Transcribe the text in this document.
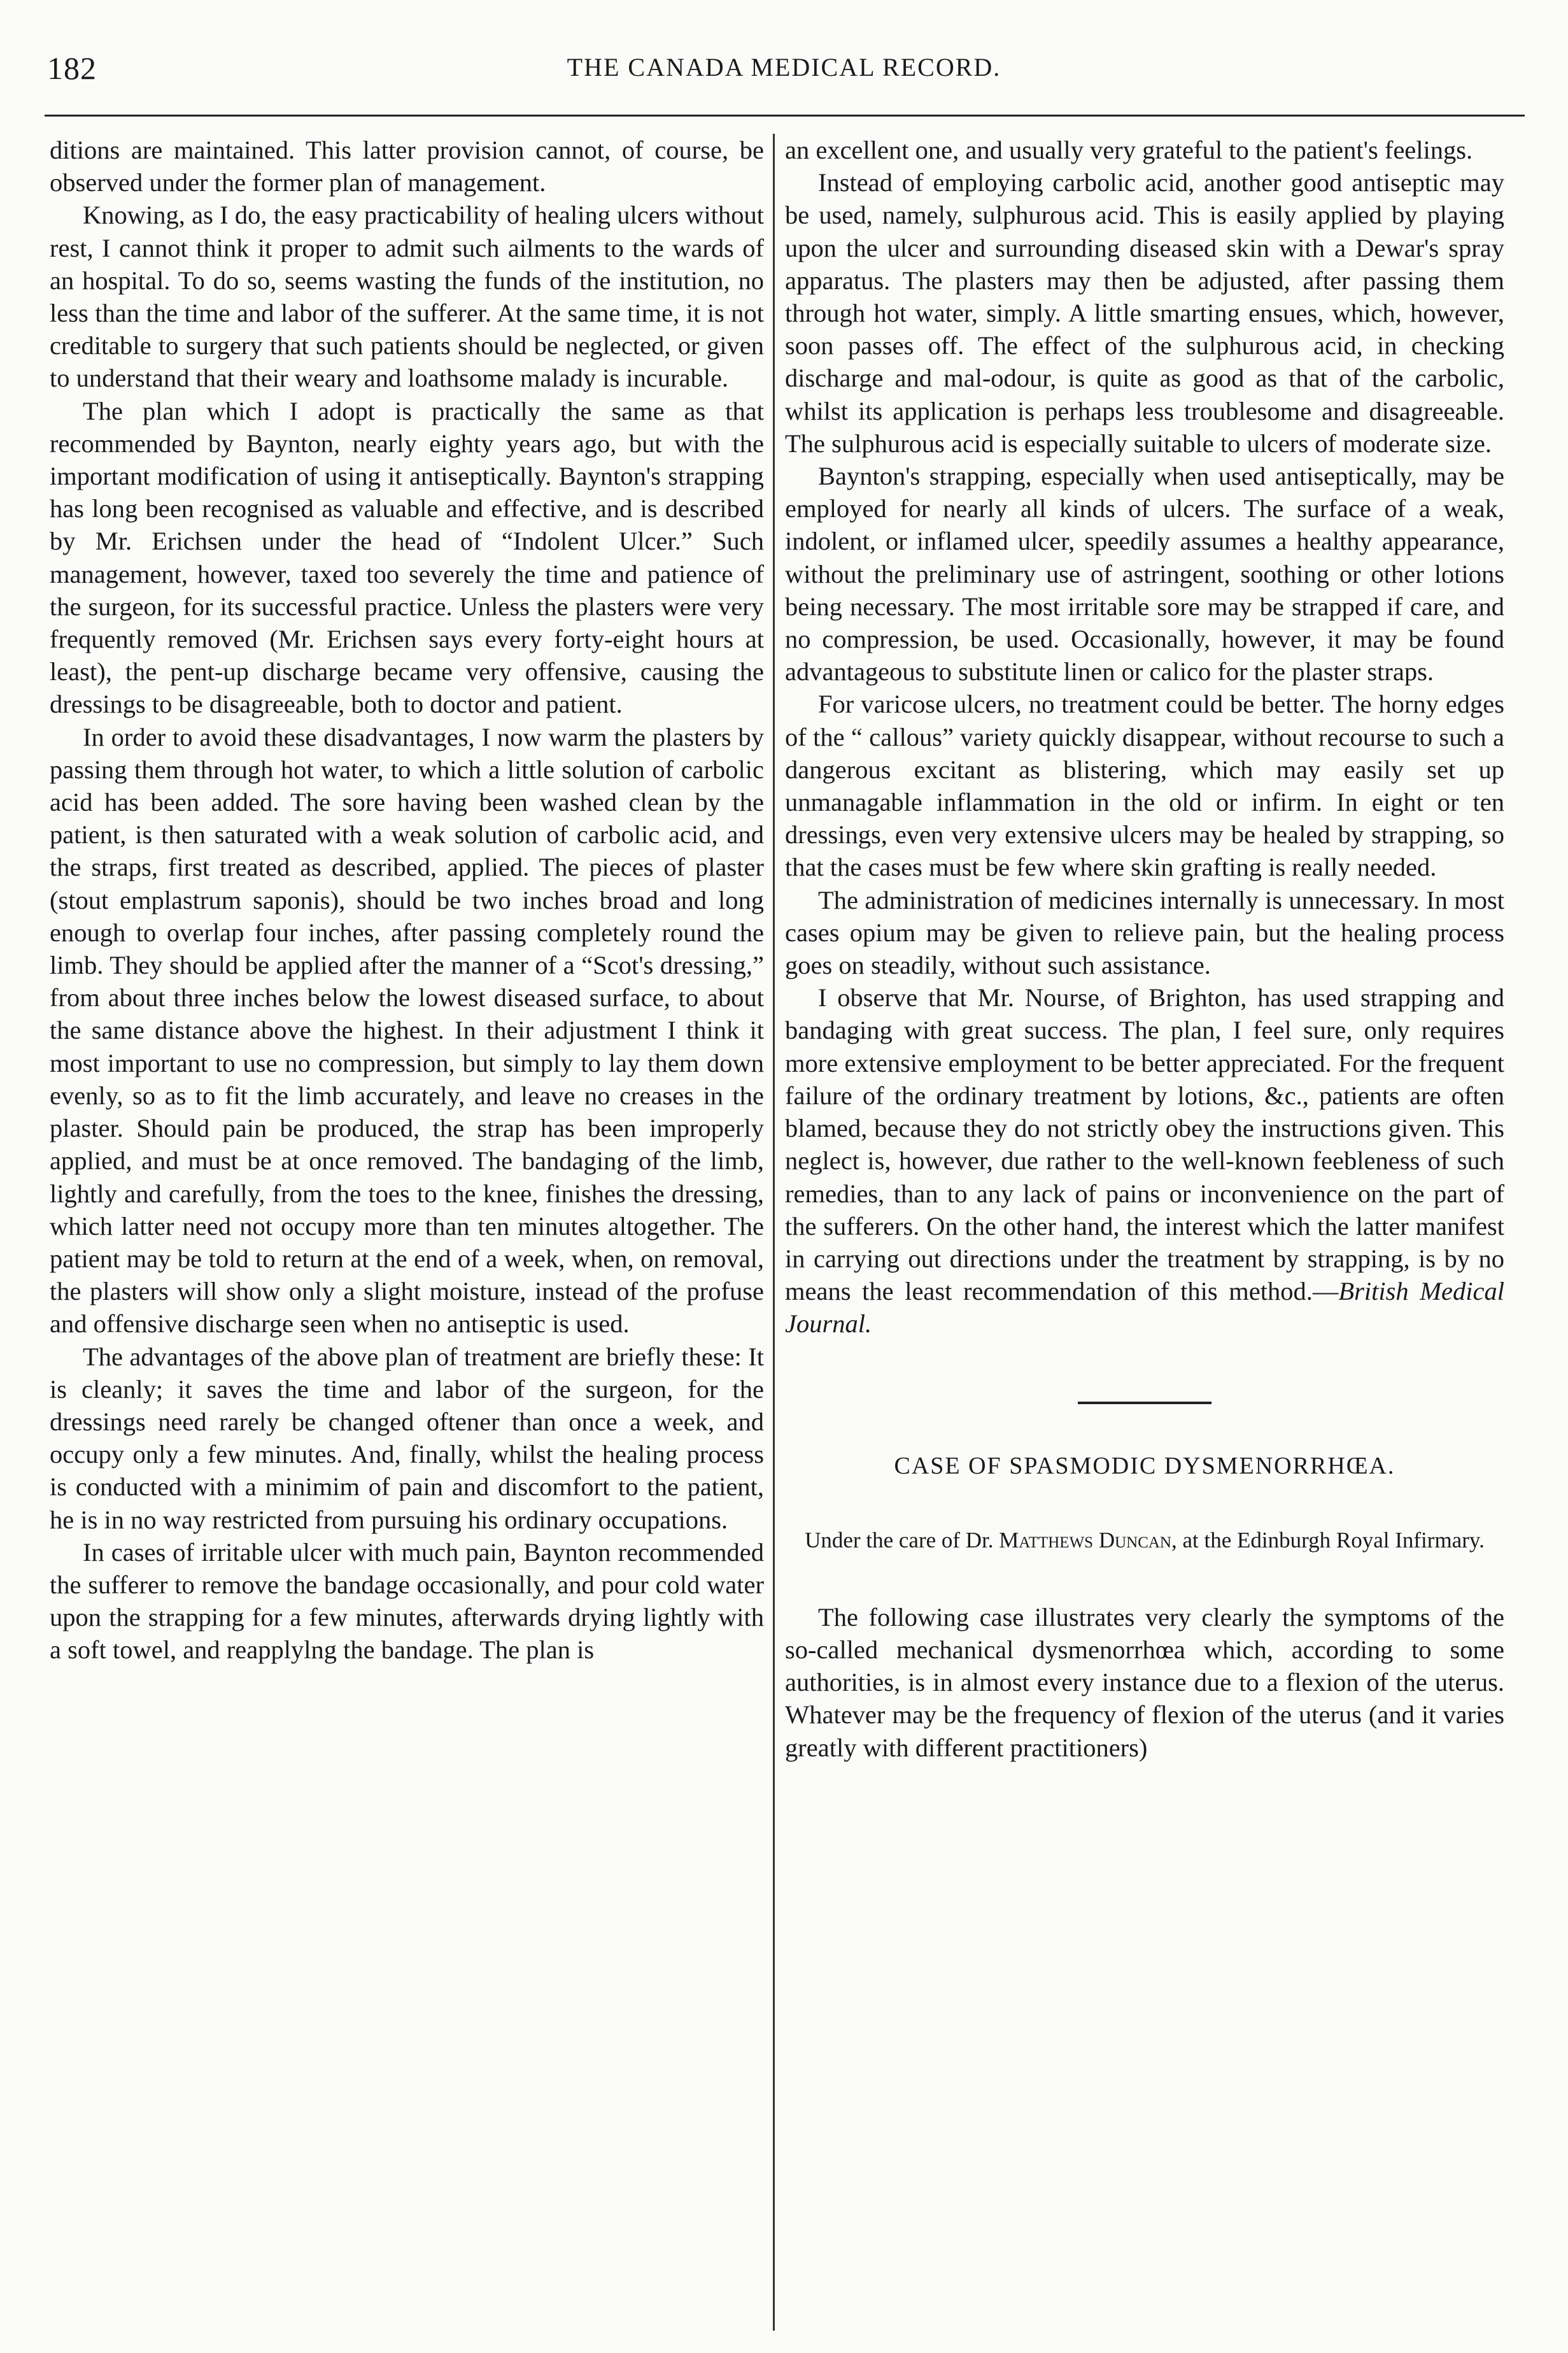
182	THE CANADA MEDICAL RECORD.

ditions are maintained. This latter provision cannot, of course, be observed under the former plan of management.

Knowing, as I do, the easy practicability of healing ulcers without rest, I cannot think it proper to admit such ailments to the wards of an hospital. To do so, seems wasting the funds of the institution, no less than the time and labor of the sufferer. At the same time, it is not creditable to surgery that such patients should be neglected, or given to understand that their weary and loathsome malady is incurable.

The plan which I adopt is practically the same as that recommended by Baynton, nearly eighty years ago, but with the important modification of using it antiseptically. Baynton's strapping has long been recognised as valuable and effective, and is described by Mr. Erichsen under the head of “Indolent Ulcer.” Such management, however, taxed too severely the time and patience of the surgeon, for its successful practice. Unless the plasters were very frequently removed (Mr. Erichsen says every forty-eight hours at least), the pent-up discharge became very offensive, causing the dressings to be disagreeable, both to doctor and patient.

In order to avoid these disadvantages, I now warm the plasters by passing them through hot water, to which a little solution of carbolic acid has been added. The sore having been washed clean by the patient, is then saturated with a weak solution of carbolic acid, and the straps, first treated as described, applied. The pieces of plaster (stout emplastrum saponis), should be two inches broad and long enough to overlap four inches, after passing completely round the limb. They should be applied after the manner of a “Scot's dressing,” from about three inches below the lowest diseased surface, to about the same distance above the highest. In their adjustment I think it most important to use no compression, but simply to lay them down evenly, so as to fit the limb accurately, and leave no creases in the plaster. Should pain be produced, the strap has been improperly applied, and must be at once removed. The bandaging of the limb, lightly and carefully, from the toes to the knee, finishes the dressing, which latter need not occupy more than ten minutes altogether. The patient may be told to return at the end of a week, when, on removal, the plasters will show only a slight moisture, instead of the profuse and offensive discharge seen when no antiseptic is used.

The advantages of the above plan of treatment are briefly these: It is cleanly; it saves the time and labor of the surgeon, for the dressings need rarely be changed oftener than once a week, and occupy only a few minutes. And, finally, whilst the healing process is conducted with a minimim of pain and discomfort to the patient, he is in no way restricted from pursuing his ordinary occupations.

In cases of irritable ulcer with much pain, Baynton recommended the sufferer to remove the bandage occasionally, and pour cold water upon the strapping for a few minutes, afterwards drying lightly with a soft towel, and reapplylng the bandage. The plan is

an excellent one, and usually very grateful to the patient's feelings.

Instead of employing carbolic acid, another good antiseptic may be used, namely, sulphurous acid. This is easily applied by playing upon the ulcer and surrounding diseased skin with a Dewar's spray apparatus. The plasters may then be adjusted, after passing them through hot water, simply. A little smarting ensues, which, however, soon passes off. The effect of the sulphurous acid, in checking discharge and mal-odour, is quite as good as that of the carbolic, whilst its application is perhaps less troublesome and disagreeable. The sulphurous acid is especially suitable to ulcers of moderate size.

Baynton's strapping, especially when used antiseptically, may be employed for nearly all kinds of ulcers. The surface of a weak, indolent, or inflamed ulcer, speedily assumes a healthy appearance, without the preliminary use of astringent, soothing or other lotions being necessary. The most irritable sore may be strapped if care, and no compression, be used. Occasionally, however, it may be found advantageous to substitute linen or calico for the plaster straps.

For varicose ulcers, no treatment could be better. The horny edges of the “ callous” variety quickly disappear, without recourse to such a dangerous excitant as blistering, which may easily set up unmanagable inflammation in the old or infirm. In eight or ten dressings, even very extensive ulcers may be healed by strapping, so that the cases must be few where skin grafting is really needed.

The administration of medicines internally is unnecessary. In most cases opium may be given to relieve pain, but the healing process goes on steadily, without such assistance.

I observe that Mr. Nourse, of Brighton, has used strapping and bandaging with great success. The plan, I feel sure, only requires more extensive employment to be better appreciated. For the frequent failure of the ordinary treatment by lotions, &c., patients are often blamed, because they do not strictly obey the instructions given. This neglect is, however, due rather to the well-known feebleness of such remedies, than to any lack of pains or inconvenience on the part of the sufferers. On the other hand, the interest which the latter manifest in carrying out directions under the treatment by strapping, is by no means the least recommendation of this method.—British Medical Journal.

CASE OF SPASMODIC DYSMENORRHŒA.
Under the care of Dr. Matthews Duncan, at the Edinburgh Royal Infirmary.

The following case illustrates very clearly the symptoms of the so-called mechanical dysmenorrhœa which, according to some authorities, is in almost every instance due to a flexion of the uterus. Whatever may be the frequency of flexion of the uterus (and it varies greatly with different practitioners)
